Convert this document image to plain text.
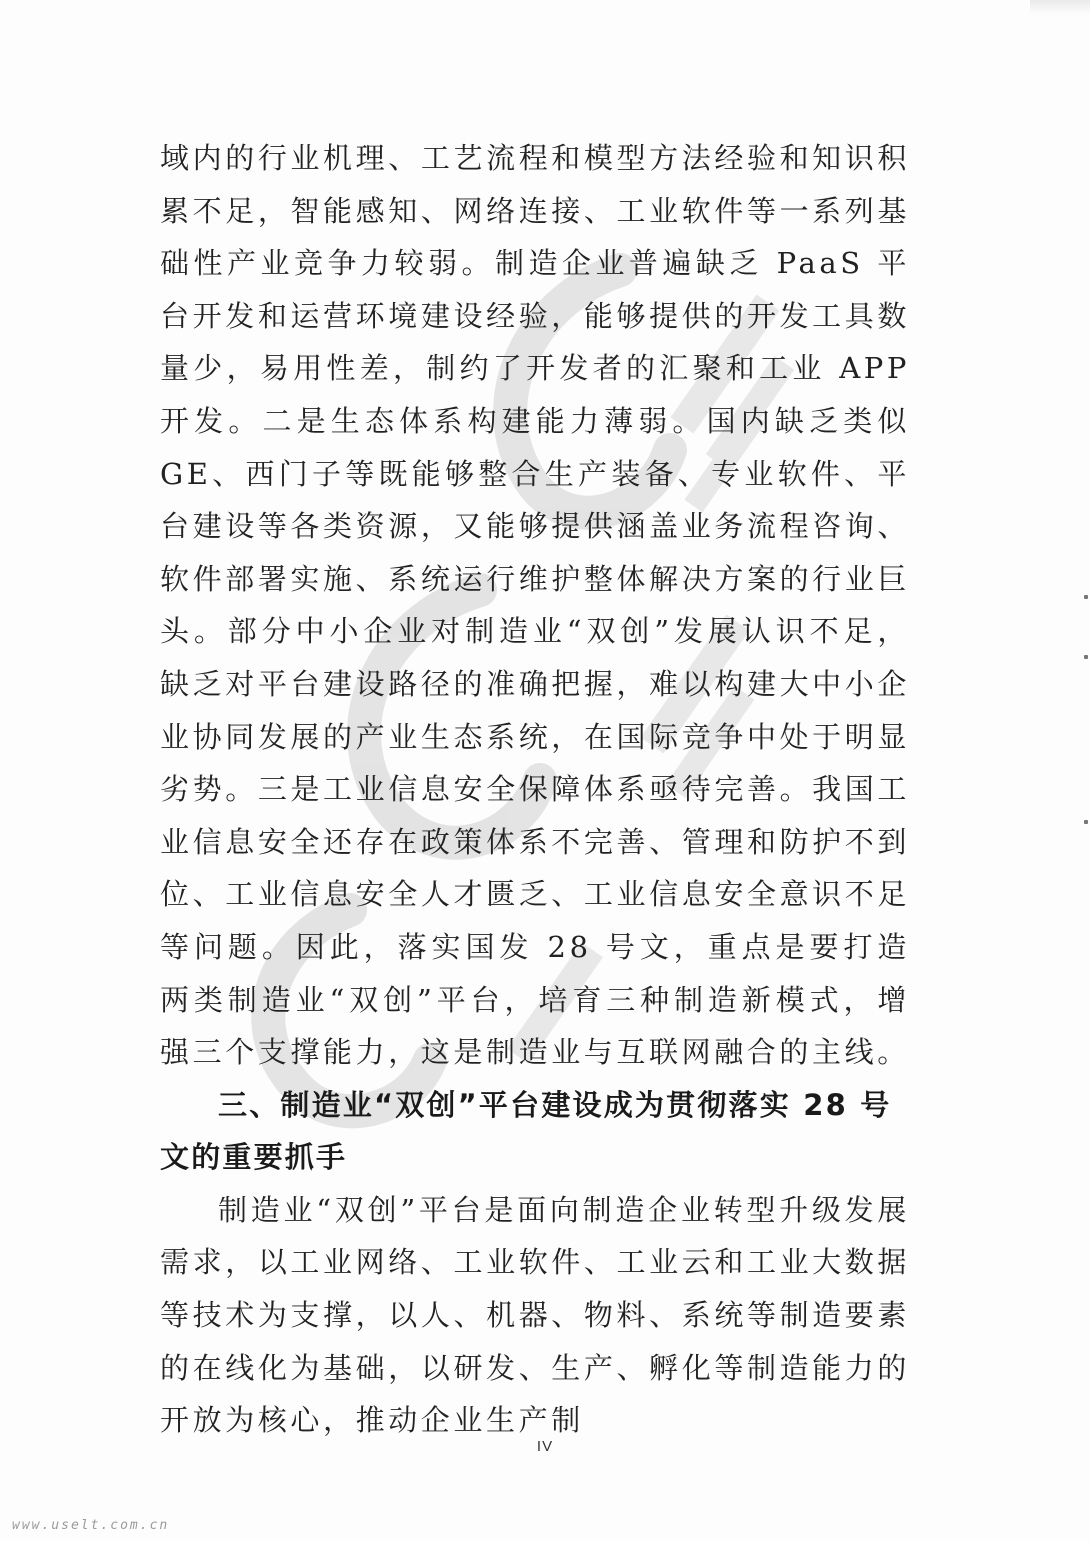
域内的行业机理、工艺流程和模型方法经验和知识积累不足，智能感知、网络连接、工业软件等一系列基础性产业竞争力较弱。制造企业普遍缺乏 PaaS 平台开发和运营环境建设经验，能够提供的开发工具数量少，易用性差，制约了开发者的汇聚和工业 APP 开发。二是生态体系构建能力薄弱。国内缺乏类似 GE、西门子等既能够整合生产装备、专业软件、平台建设等各类资源，又能够提供涵盖业务流程咨询、软件部署实施、系统运行维护整体解决方案的行业巨头。部分中小企业对制造业“双创”发展认识不足，缺乏对平台建设路径的准确把握，难以构建大中小企业协同发展的产业生态系统，在国际竞争中处于明显劣势。三是工业信息安全保障体系亟待完善。我国工业信息安全还存在政策体系不完善、管理和防护不到位、工业信息安全人才匮乏、工业信息安全意识不足等问题。因此，落实国发 28 号文，重点是要打造两类制造业“双创”平台，培育三种制造新模式，增强三个支撑能力，这是制造业与互联网融合的主线。

三、制造业“双创”平台建设成为贯彻落实 28 号文的重要抓手

制造业“双创”平台是面向制造企业转型升级发展需求，以工业网络、工业软件、工业云和工业大数据等技术为支撑，以人、机器、物料、系统等制造要素的在线化为基础，以研发、生产、孵化等制造能力的开放为核心，推动企业生产制

IV
www.uselt.com.cn
